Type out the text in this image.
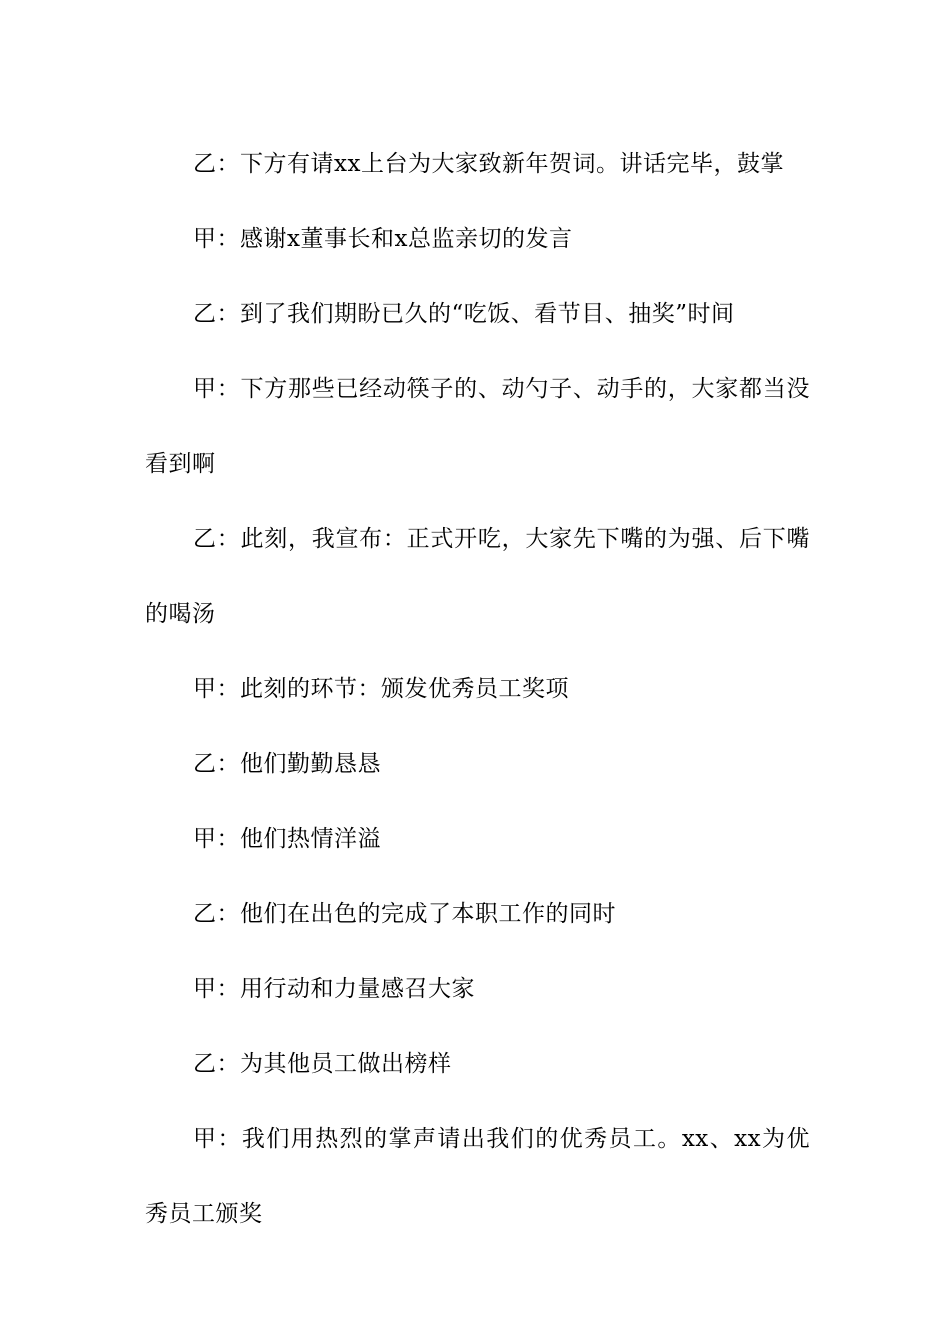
乙：下方有请xx上台为大家致新年贺词。讲话完毕，鼓掌

甲：感谢x董事长和x总监亲切的发言

乙：到了我们期盼已久的“吃饭、看节目、抽奖”时间

甲：下方那些已经动筷子的、动勺子、动手的，大家都当没看到啊

乙：此刻，我宣布：正式开吃，大家先下嘴的为强、后下嘴的喝汤

甲：此刻的环节：颁发优秀员工奖项

乙：他们勤勤恳恳

甲：他们热情洋溢

乙：他们在出色的完成了本职工作的同时

甲：用行动和力量感召大家

乙：为其他员工做出榜样

甲：我们用热烈的掌声请出我们的优秀员工。xx、xx为优秀员工颁奖
